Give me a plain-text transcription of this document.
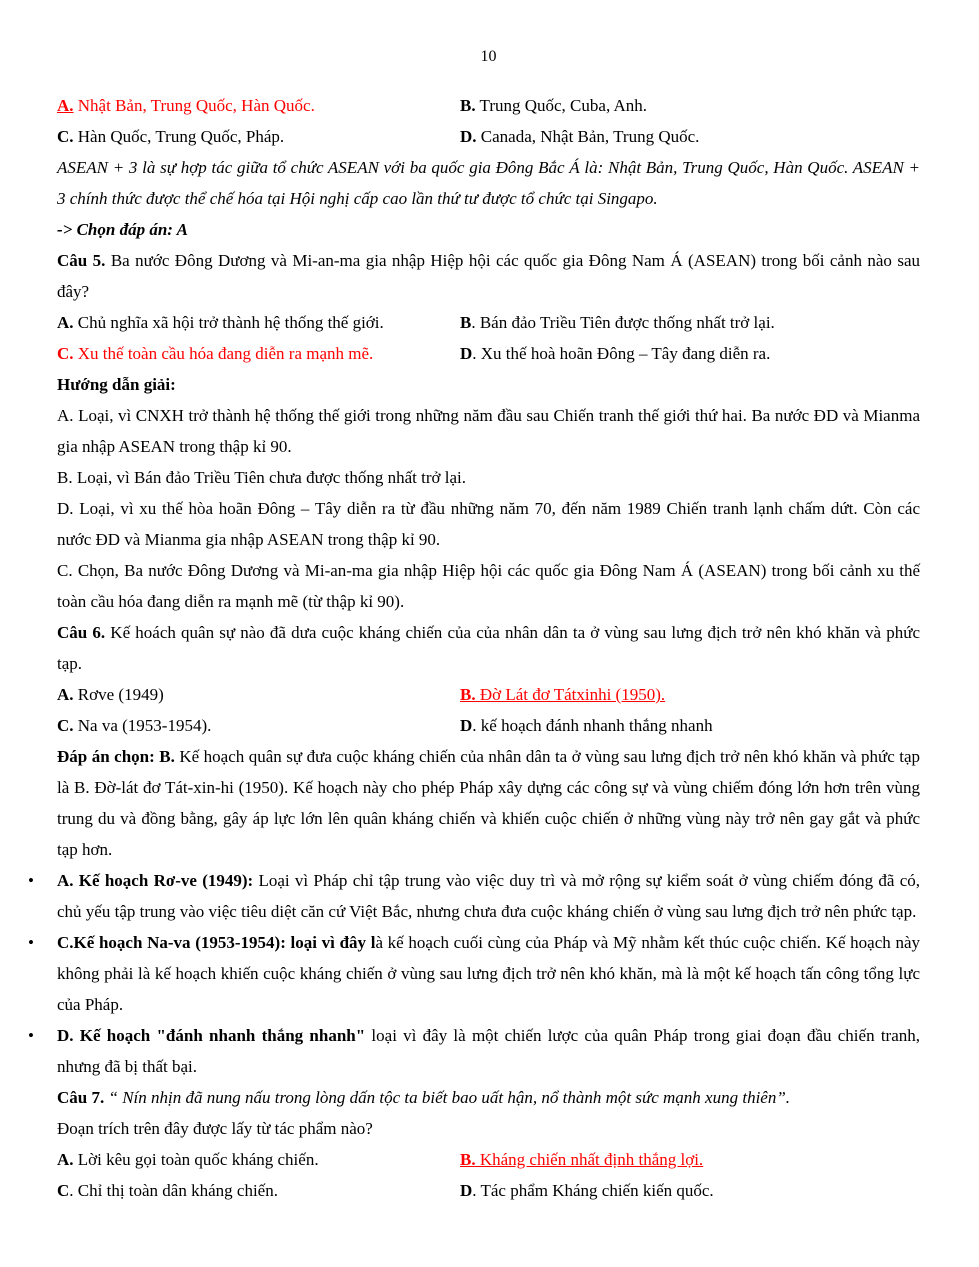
10

A. Nhật Bản, Trung Quốc, Hàn Quốc.	B. Trung Quốc, Cuba, Anh.

C. Hàn Quốc, Trung Quốc, Pháp.	D. Canada, Nhật Bản, Trung Quốc.

ASEAN + 3 là sự hợp tác giữa tổ chức ASEAN với ba quốc gia Đông Bắc Á là: Nhật Bản, Trung Quốc, Hàn Quốc. ASEAN + 3 chính thức được thể chế hóa tại Hội nghị cấp cao lần thứ tư được tổ chức tại Singapo.

-> Chọn đáp án: A

Câu 5. Ba nước Đông Dương và Mi-an-ma gia nhập Hiệp hội các quốc gia Đông Nam Á (ASEAN) trong bối cảnh nào sau đây?

A. Chủ nghĩa xã hội trở thành hệ thống thế giới.	B. Bán đảo Triều Tiên được thống nhất trở lại.

C. Xu thế toàn cầu hóa đang diễn ra mạnh mẽ.	D. Xu thế hoà hoãn Đông – Tây đang diễn ra.

Hướng dẫn giải:

A. Loại, vì CNXH trở thành hệ thống thế giới trong những năm đầu sau Chiến tranh thế giới thứ hai. Ba nước ĐD và Mianma gia nhập ASEAN trong thập kỉ 90.

B. Loại, vì Bán đảo Triều Tiên chưa được thống nhất trở lại.

D. Loại, vì xu thế hòa hoãn Đông – Tây diễn ra từ đầu những năm 70, đến năm 1989 Chiến tranh lạnh chấm dứt. Còn các nước ĐD và Mianma gia nhập ASEAN trong thập kỉ 90.

C. Chọn, Ba nước Đông Dương và Mi-an-ma gia nhập Hiệp hội các quốc gia Đông Nam Á (ASEAN) trong bối cảnh xu thế toàn cầu hóa đang diễn ra mạnh mẽ (từ thập kỉ 90).

Câu 6. Kế hoách quân sự nào đã dưa cuộc kháng chiến của của nhân dân ta ở vùng sau lưng địch trở nên khó khăn và phức tạp.

A. Rơve (1949)	B. Đờ Lát đơ Tátxinhi (1950).

C. Na va (1953-1954).	D. kế hoạch đánh nhanh thắng nhanh

Đáp án chọn: B. Kế hoạch quân sự đưa cuộc kháng chiến của nhân dân ta ở vùng sau lưng địch trở nên khó khăn và phức tạp là B. Đờ-lát đơ Tát-xin-hi (1950). Kế hoạch này cho phép Pháp xây dựng các công sự và vùng chiếm đóng lớn hơn trên vùng trung du và đồng bằng, gây áp lực lớn lên quân kháng chiến và khiến cuộc chiến ở những vùng này trở nên gay gắt và phức tạp hơn.

• A. Kế hoạch Rơ-ve (1949): Loại vì Pháp chỉ tập trung vào việc duy trì và mở rộng sự kiểm soát ở vùng chiếm đóng đã có, chủ yếu tập trung vào việc tiêu diệt căn cứ Việt Bắc, nhưng chưa đưa cuộc kháng chiến ở vùng sau lưng địch trở nên phức tạp.
• C.Kế hoạch Na-va (1953-1954): loại vì đây là kế hoạch cuối cùng của Pháp và Mỹ nhằm kết thúc cuộc chiến. Kế hoạch này không phải là kế hoạch khiến cuộc kháng chiến ở vùng sau lưng địch trở nên khó khăn, mà là một kế hoạch tấn công tổng lực của Pháp.
• D. Kế hoạch "đánh nhanh thắng nhanh" loại vì đây là một chiến lược của quân Pháp trong giai đoạn đầu chiến tranh, nhưng đã bị thất bại.

Câu 7. “ Nín nhịn đã nung nấu trong lòng dấn tộc ta biết bao uất hận, nổ thành một sức mạnh xung thiên”.

Đoạn trích trên đây được lấy từ tác phẩm nào?

A. Lời kêu gọi toàn quốc kháng chiến.	B. Kháng chiến nhất định thắng lợi.

C. Chỉ thị toàn dân kháng chiến.	D. Tác phẩm Kháng chiến kiến quốc.
